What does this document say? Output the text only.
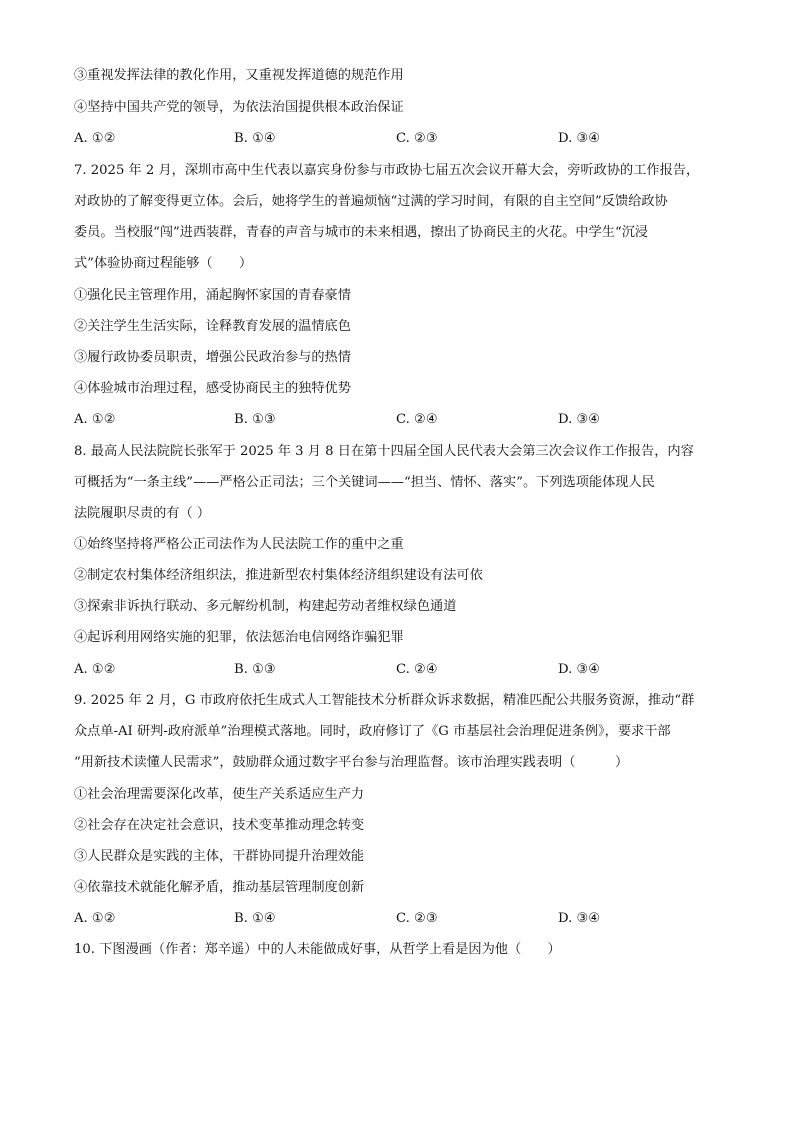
③重视发挥法律的教化作用，又重视发挥道德的规范作用
④坚持中国共产党的领导，为依法治国提供根本政治保证
A. ①②	B. ①④	C. ②③	D. ③④
7. 2025 年 2 月，深圳市高中生代表以嘉宾身份参与市政协七届五次会议开幕大会，旁听政协的工作报告，
对政协的了解变得更立体。会后，她将学生的普遍烦恼“过满的学习时间，有限的自主空间”反馈给政协
委员。当校服“闯”进西装群，青春的声音与城市的未来相遇，擦出了协商民主的火花。中学生“沉浸
式”体验协商过程能够（　　）
①强化民主管理作用，涌起胸怀家国的青春豪情
②关注学生生活实际，诠释教育发展的温情底色
③履行政协委员职责，增强公民政治参与的热情
④体验城市治理过程，感受协商民主的独特优势
A. ①②	B. ①③	C. ②④	D. ③④
8. 最高人民法院院长张军于 2025 年 3 月 8 日在第十四届全国人民代表大会第三次会议作工作报告，内容
可概括为“一条主线”——严格公正司法；三个关键词——“担当、情怀、落实”。下列选项能体现人民
法院履职尽责的有（ ）
①始终坚持将严格公正司法作为人民法院工作的重中之重
②制定农村集体经济组织法，推进新型农村集体经济组织建设有法可依
③探索非诉执行联动、多元解纷机制，构建起劳动者维权绿色通道
④起诉利用网络实施的犯罪，依法惩治电信网络诈骗犯罪
A. ①②	B. ①③	C. ②④	D. ③④
9. 2025 年 2 月，G 市政府依托生成式人工智能技术分析群众诉求数据，精准匹配公共服务资源，推动“群
众点单-AI 研判-政府派单”治理模式落地。同时，政府修订了《G 市基层社会治理促进条例》，要求干部
“用新技术读懂人民需求”，鼓励群众通过数字平台参与治理监督。该市治理实践表明（　　　）
①社会治理需要深化改革，使生产关系适应生产力
②社会存在决定社会意识，技术变革推动理念转变
③人民群众是实践的主体，干群协同提升治理效能
④依靠技术就能化解矛盾，推动基层管理制度创新
A. ①②	B. ①④	C. ②③	D. ③④
10. 下图漫画（作者：郑辛遥）中的人未能做成好事，从哲学上看是因为他（　　）
